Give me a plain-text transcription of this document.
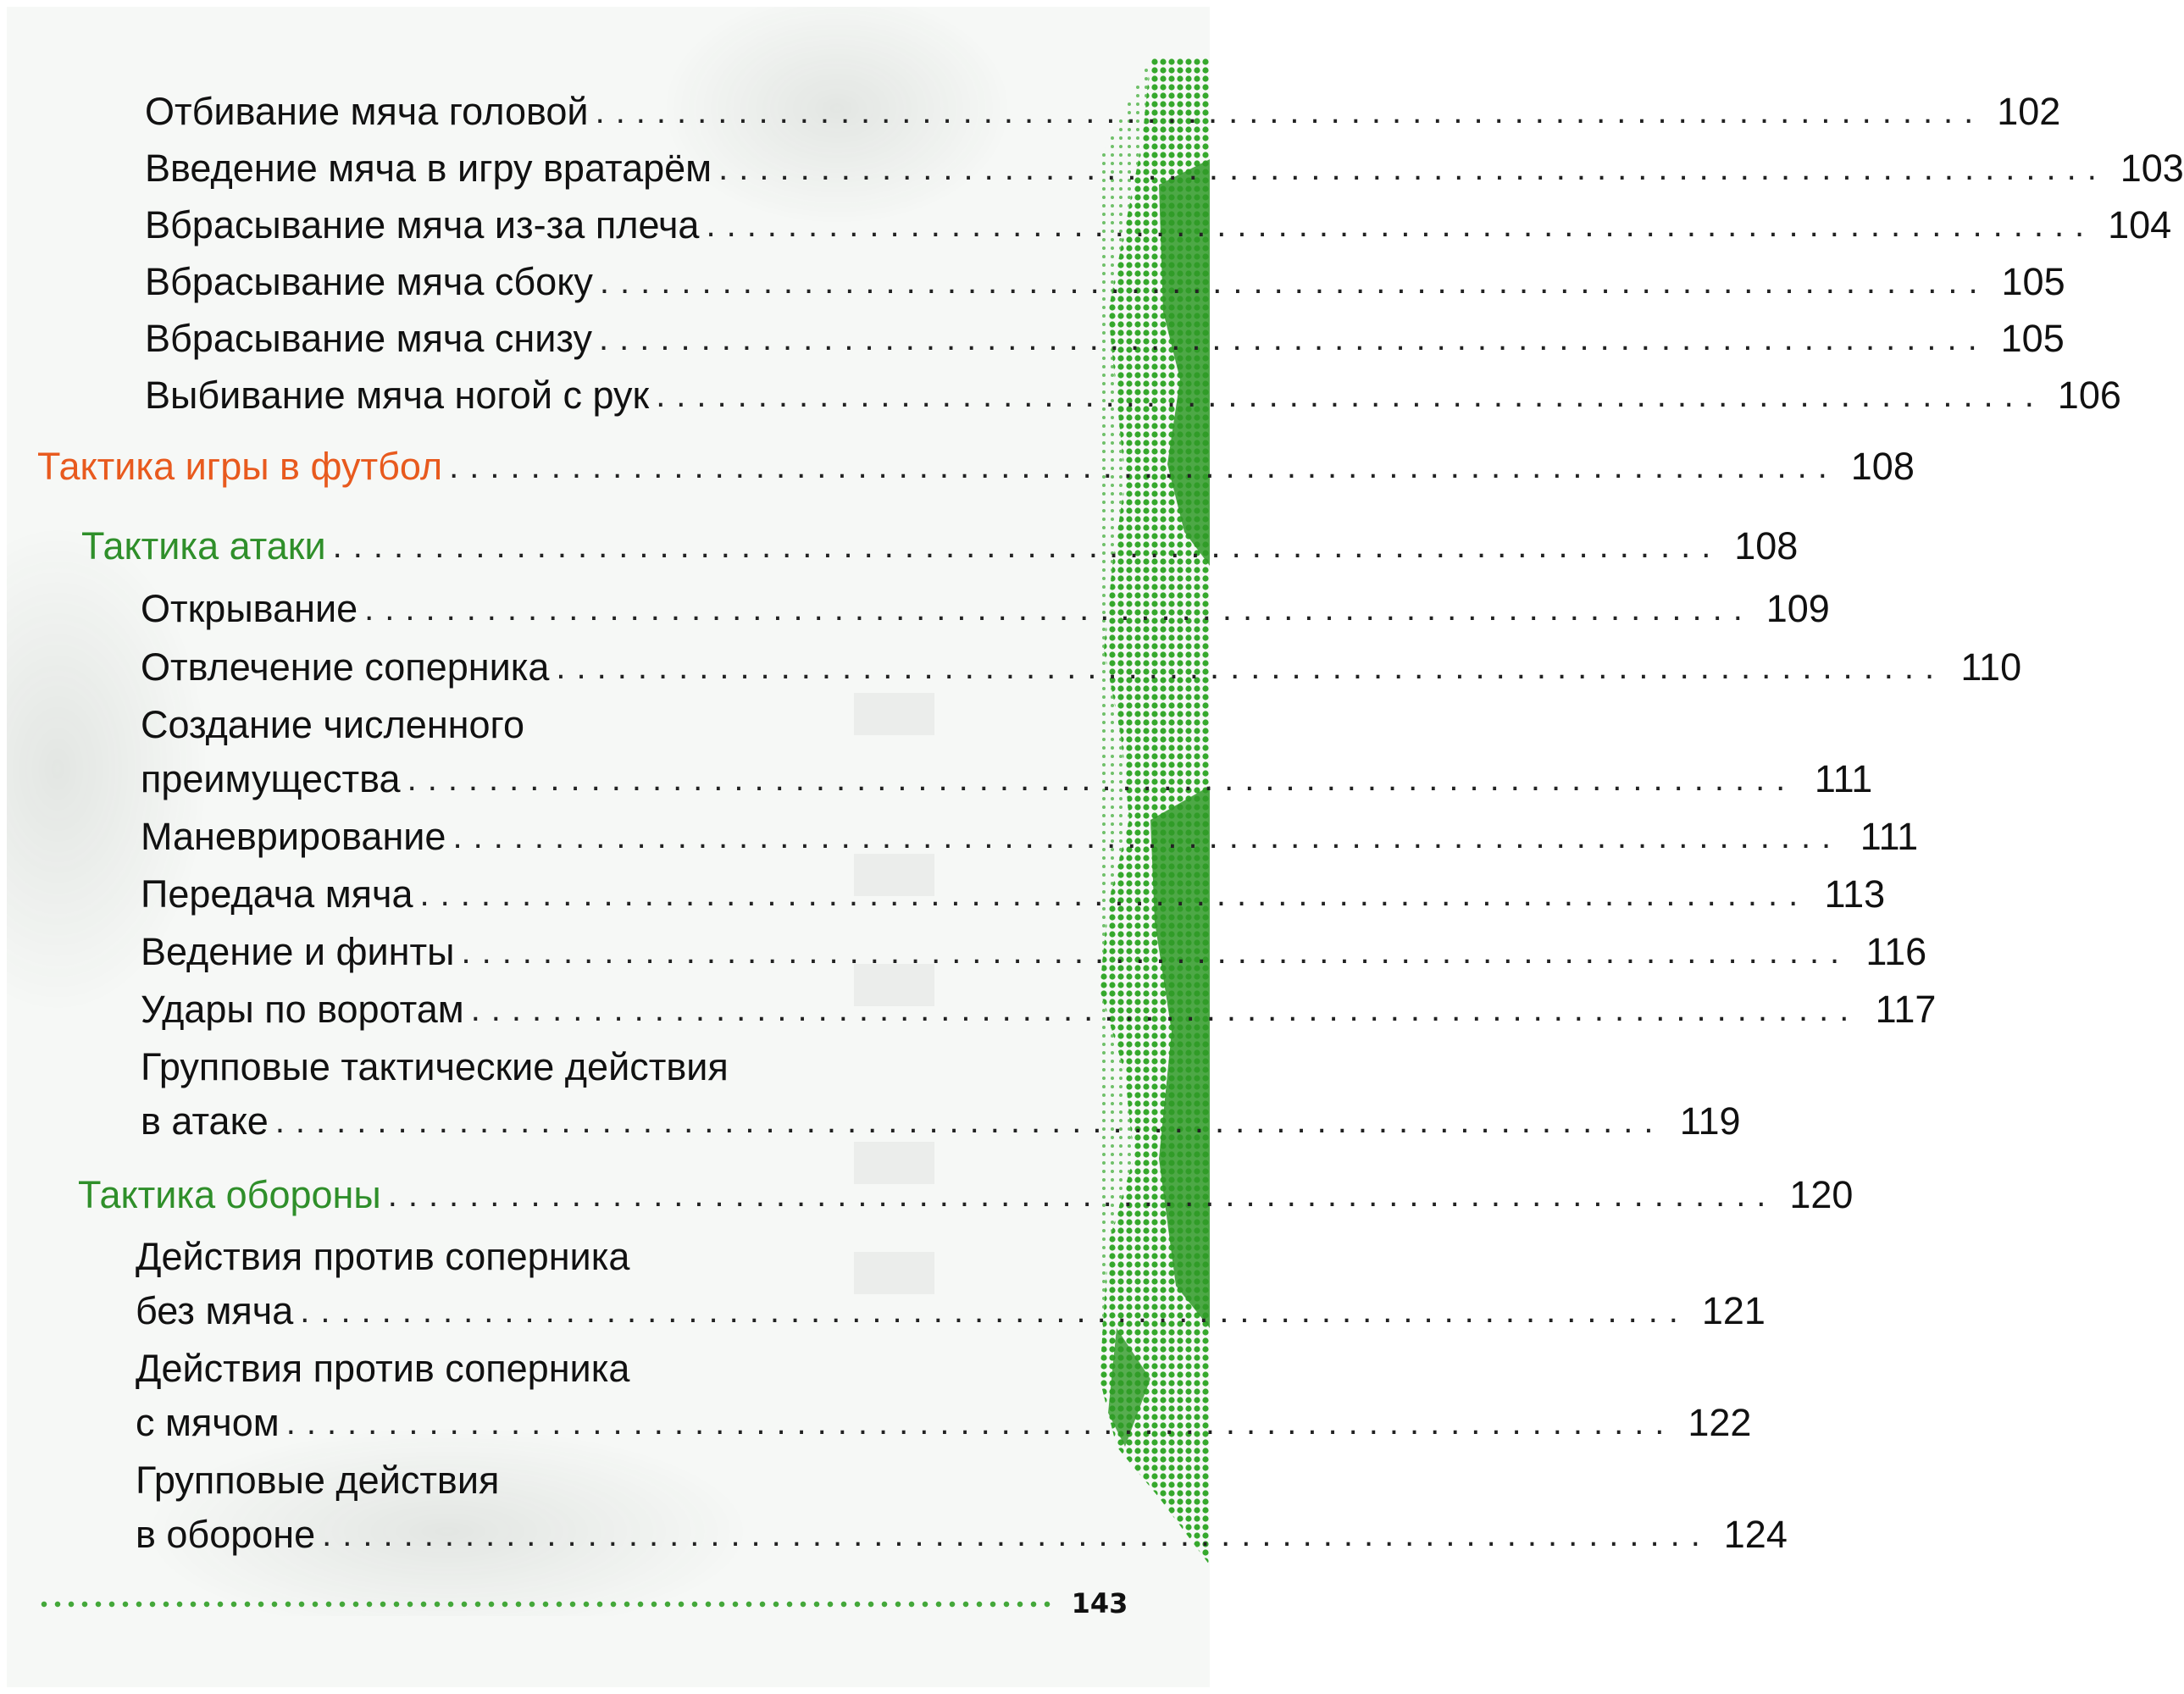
Отбивание мяча головой .................................................................... 102
Введение мяча в игру вратарём .................................................................... 103
Вбрасывание мяча из-за плеча .................................................................... 104
Вбрасывание мяча сбоку .................................................................... 105
Вбрасывание мяча снизу .................................................................... 105
Выбивание мяча ногой с рук .................................................................... 106
Тактика игры в футбол .................................................................... 108
Тактика атаки .................................................................... 108
Открывание .................................................................... 109
Отвлечение соперника .................................................................... 110
Создание численного
преимущества .................................................................... 111
Маневрирование .................................................................... 111
Передача мяча .................................................................... 113
Ведение и финты .................................................................... 116
Удары по воротам .................................................................... 117
Групповые тактические действия
в атаке .................................................................... 119
Тактика обороны .................................................................... 120
Действия против соперника
без мяча .................................................................... 121
Действия против соперника
с мячом .................................................................... 122
Групповые действия
в обороне .................................................................... 124
143
